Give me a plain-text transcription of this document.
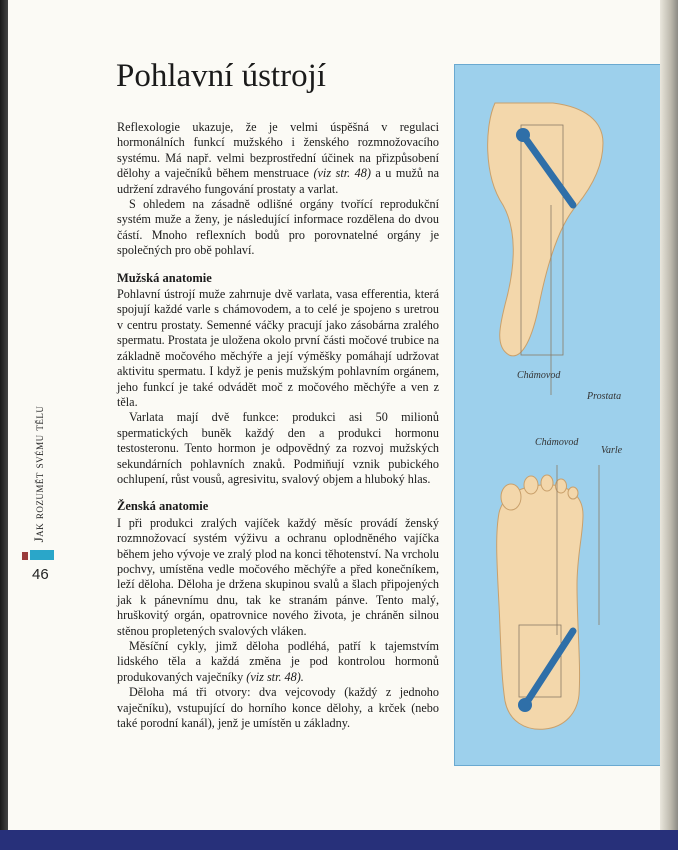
Pohlavní ústrojí

Reflexologie ukazuje, že je velmi úspěšná v regulaci hormonálních funkcí mužského i ženského rozmnožovacího systému. Má např. velmi bezprostřední účinek na přizpůsobení dělohy a vaječníků během menstruace (viz str. 48) a u mužů na udržení zdravého fungování prostaty a varlat.

S ohledem na zásadně odlišné orgány tvořící reprodukční systém muže a ženy, je následující informace rozdělena do dvou částí. Mnoho reflexních bodů pro porovnatelné orgány je společných pro obě pohlaví.

Mužská anatomie

Pohlavní ústrojí muže zahrnuje dvě varlata, vasa efferentia, která spojují každé varle s chámovodem, a to celé je spojeno s uretrou v centru prostaty. Semenné váčky pracují jako zásobárna zralého spermatu. Prostata je uložena okolo první části močové trubice na základně močového měchýře a její výměšky pomáhají udržovat aktivitu spermatu. I když je penis mužským pohlavním orgánem, jeho funkcí je také odvádět moč z močového měchýře a ven z těla.

Varlata mají dvě funkce: produkci asi 50 milionů spermatických buněk každý den a produkci hormonu testosteronu. Tento hormon je odpovědný za rozvoj mužských sekundárních pohlavních znaků. Podmiňují vznik pubického ochlupení, růst vousů, agresivitu, svalový objem a hluboký hlas.

Ženská anatomie

I při produkci zralých vajíček každý měsíc provádí ženský rozmnožovací systém výživu a ochranu oplodněného vajíčka během jeho vývoje ve zralý plod na konci těhotenství. Na vrcholu pochvy, umístěna vedle močového měchýře a před konečníkem, leží děloha. Děloha je držena skupinou svalů a šlach připojených jak k pánevnímu dnu, tak ke stranám pánve. Tento malý, hruškovitý orgán, opatrovnice nového života, je chráněn silnou stěnou propletených svalových vláken.

Měsíční cykly, jimž děloha podléhá, patří k tajemstvím lidského těla a každá změna je pod kontrolou hormonů produkovaných vaječníky (viz str. 48).

Děloha má tři otvory: dva vejcovody (každý z jednoho vaječníku), vstupující do horního konce dělohy, a krček (nebo také porodní kanál), jenž je umístěn u základny.

Jak rozumět svému tělu
46
Chámovod
Prostata
Chámovod
Varle
